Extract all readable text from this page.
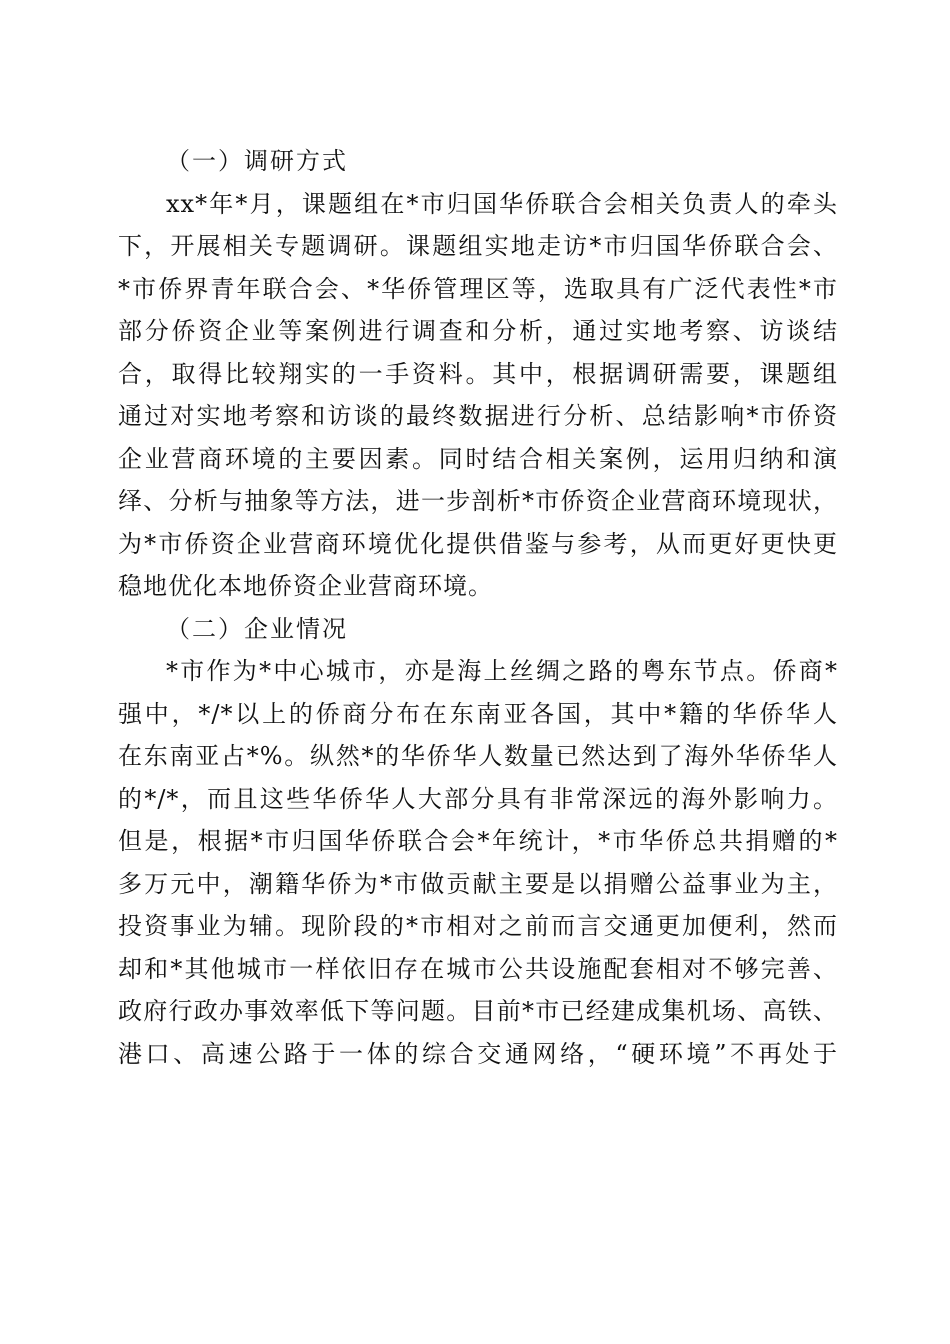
（一）调研方式
xx*年*月，课题组在*市归国华侨联合会相关负责人的牵头
下，开展相关专题调研。课题组实地走访*市归国华侨联合会、
*市侨界青年联合会、*华侨管理区等，选取具有广泛代表性*市
部分侨资企业等案例进行调查和分析，通过实地考察、访谈结
合，取得比较翔实的一手资料。其中，根据调研需要，课题组
通过对实地考察和访谈的最终数据进行分析、总结影响*市侨资
企业营商环境的主要因素。同时结合相关案例，运用归纳和演
绎、分析与抽象等方法，进一步剖析*市侨资企业营商环境现状，
为*市侨资企业营商环境优化提供借鉴与参考，从而更好更快更
稳地优化本地侨资企业营商环境。
（二）企业情况
*市作为*中心城市，亦是海上丝绸之路的粤东节点。侨商*
强中，*/*以上的侨商分布在东南亚各国，其中*籍的华侨华人
在东南亚占*%。纵然*的华侨华人数量已然达到了海外华侨华人
的*/*，而且这些华侨华人大部分具有非常深远的海外影响力。
但是，根据*市归国华侨联合会*年统计，*市华侨总共捐赠的*
多万元中，潮籍华侨为*市做贡献主要是以捐赠公益事业为主，
投资事业为辅。现阶段的*市相对之前而言交通更加便利，然而
却和*其他城市一样依旧存在城市公共设施配套相对不够完善、
政府行政办事效率低下等问题。目前*市已经建成集机场、高铁、
港口、高速公路于一体的综合交通网络，“硬环境”不再处于
